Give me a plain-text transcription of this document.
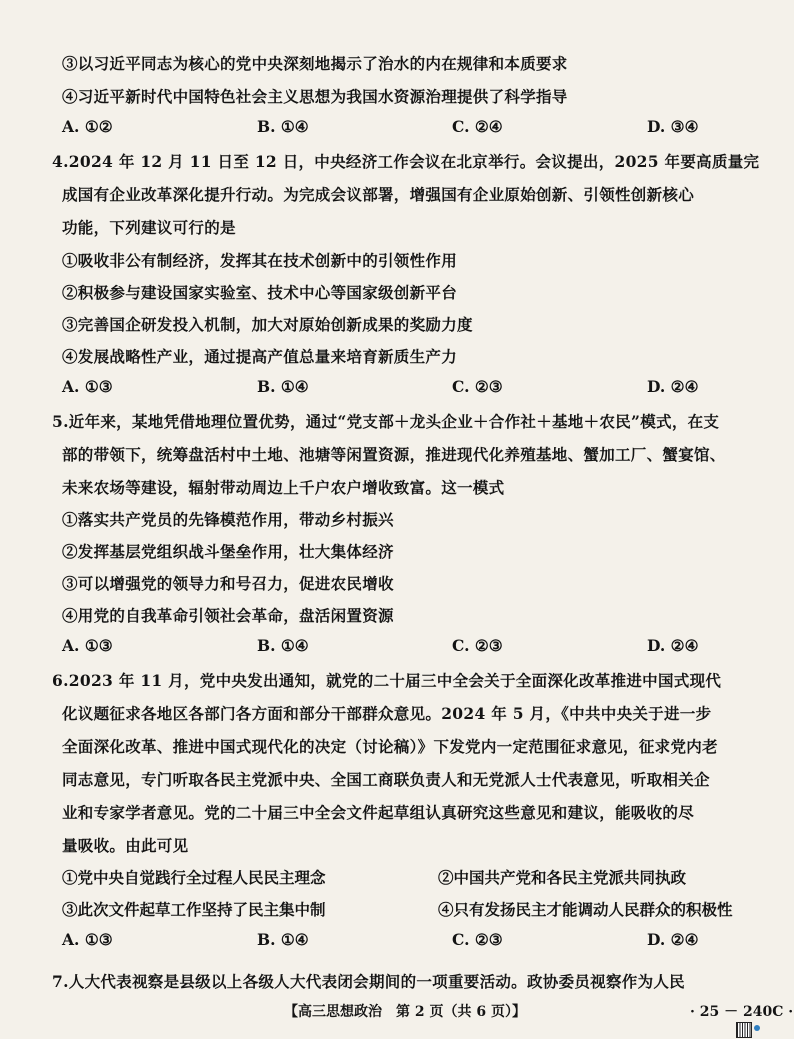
③以习近平同志为核心的党中央深刻地揭示了治水的内在规律和本质要求
④习近平新时代中国特色社会主义思想为我国水资源治理提供了科学指导
4.2024 年 12 月 11 日至 12 日，中央经济工作会议在北京举行。会议提出，2025 年要高质量完
成国有企业改革深化提升行动。为完成会议部署，增强国有企业原始创新、引领性创新核心
功能，下列建议可行的是
①吸收非公有制经济，发挥其在技术创新中的引领性作用
②积极参与建设国家实验室、技术中心等国家级创新平台
③完善国企研发投入机制，加大对原始创新成果的奖励力度
④发展战略性产业，通过提高产值总量来培育新质生产力
5.近年来，某地凭借地理位置优势，通过“党支部＋龙头企业＋合作社＋基地＋农民”模式，在支
部的带领下，统筹盘活村中土地、池塘等闲置资源，推进现代化养殖基地、蟹加工厂、蟹宴馆、
未来农场等建设，辐射带动周边上千户农户增收致富。这一模式
①落实共产党员的先锋模范作用，带动乡村振兴
②发挥基层党组织战斗堡垒作用，壮大集体经济
③可以增强党的领导力和号召力，促进农民增收
④用党的自我革命引领社会革命，盘活闲置资源
6.2023 年 11 月，党中央发出通知，就党的二十届三中全会关于全面深化改革推进中国式现代
化议题征求各地区各部门各方面和部分干部群众意见。2024 年 5 月，《中共中央关于进一步
全面深化改革、推进中国式现代化的决定（讨论稿）》下发党内一定范围征求意见，征求党内老
同志意见，专门听取各民主党派中央、全国工商联负责人和无党派人士代表意见，听取相关企
业和专家学者意见。党的二十届三中全会文件起草组认真研究这些意见和建议，能吸收的尽
量吸收。由此可见
7.人大代表视察是县级以上各级人大代表闭会期间的一项重要活动。政协委员视察作为人民
①党中央自觉践行全过程人民民主理念	②中国共产党和各民主党派共同执政
③此次文件起草工作坚持了民主集中制	④只有发扬民主才能调动人民群众的积极性
A. ①②	B. ①④	C. ②④	D. ③④
A. ①③	B. ①④	C. ②③	D. ②④
A. ①③	B. ①④	C. ②③	D. ②④
A. ①③	B. ①④	C. ②③	D. ②④
【高三思想政治　第 2 页（共 6 页）】	· 25 － 240C ·
